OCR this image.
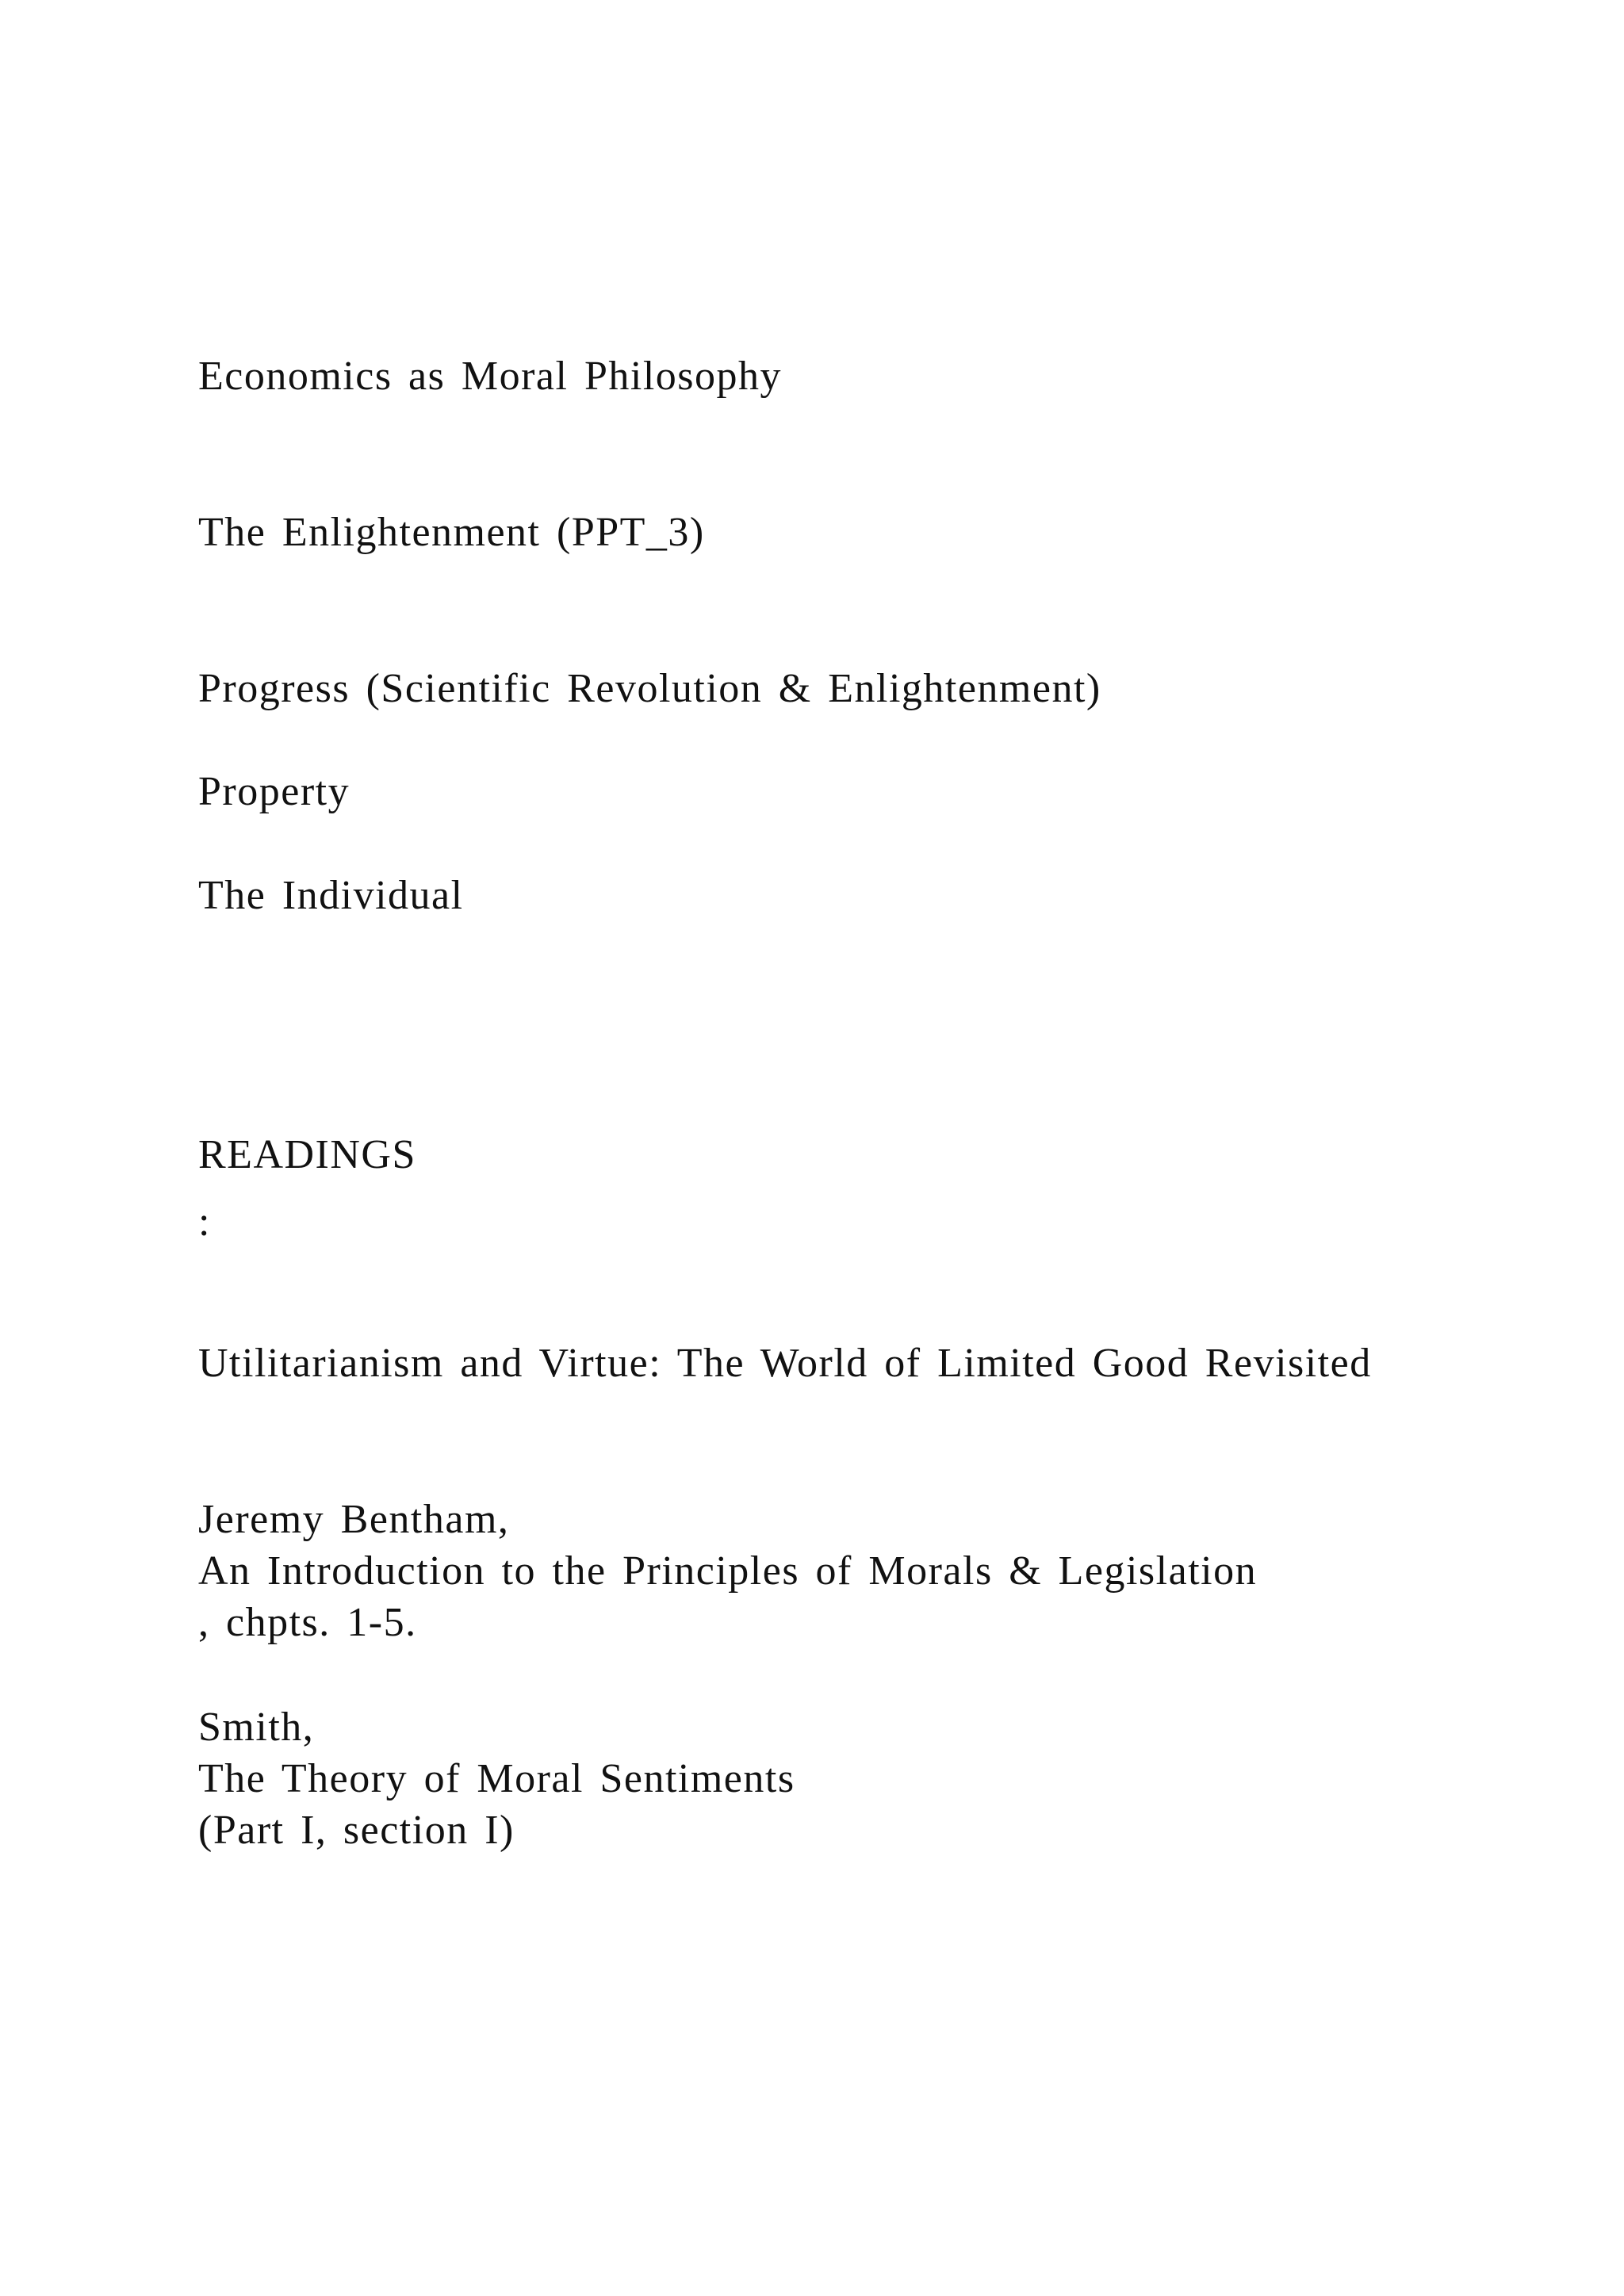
Economics as Moral Philosophy
The Enlightenment (PPT_3)
Progress (Scientific Revolution & Enlightenment)
Property
The Individual
READINGS
:
Utilitarianism and Virtue: The World of Limited Good Revisited
Jeremy Bentham,
An Introduction to the Principles of Morals & Legislation
, chpts. 1-5.
Smith,
The Theory of Moral Sentiments
(Part I, section I)
